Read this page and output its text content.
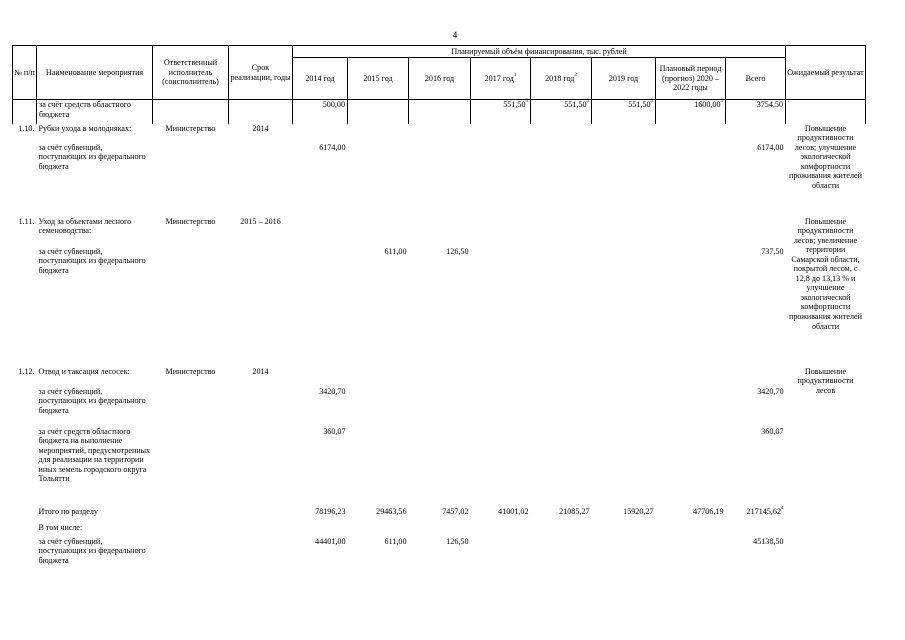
4
№ п/п	Наименование мероприятия	Ответственный исполнитель (соисполнитель)	Срок реализации, годы	Планируемый объём финансирования, тыс. рублей								Ожидаемый результат
				2014 год	2015 год	2016 год	2017 год$^1$	2018 год$^2$	2019 год	Плановый период (прогноз) 2020 – 2022 годы	Всего	
	за счёт средств областного бюджета			500,00			551,50$^3$	551,50$^3$	551,50$^3$	1600,00$^3$	3754,50	
1.10.	Рубки ухода в молодняках:	Министерство	2014									Повышение продуктивности лесов; улучшение экологической комфортности проживания жителей области
	за счёт субвенций, поступающих из федерального бюджета			6174,00							6174,00	
1.11.	Уход за объектами лесного семеноводства:	Министерство	2015 – 2016									Повышение продуктивности лесов; увеличение территории Самарской области, покрытой лесом, с 12,8 до 13,13 % и улучшение экологической комфортности проживания жителей области
	за счёт субвенций, поступающих из федерального бюджета				611,00	126,50					737,50	
1.12.	Отвод и таксация лесосек:	Министерство	2014									Повышение продуктивности лесов
	за счёт субвенций, поступающих из федерального бюджета			3420,70							3420,70	
	за счёт средств областного бюджета на выполнение мероприятий, предусмотренных для реализации на территории иных земель городского округа Тольятти			360,07							360,07	
	Итого по разделу			78196,23	29463,56	7457,02	41001,02	21085,27	15920,27	47706,19	217145,62$^4$	
	В том числе:											
	за счёт субвенций, поступающих из федерального бюджета			44401,00	611,00	126,50					45138,50	
